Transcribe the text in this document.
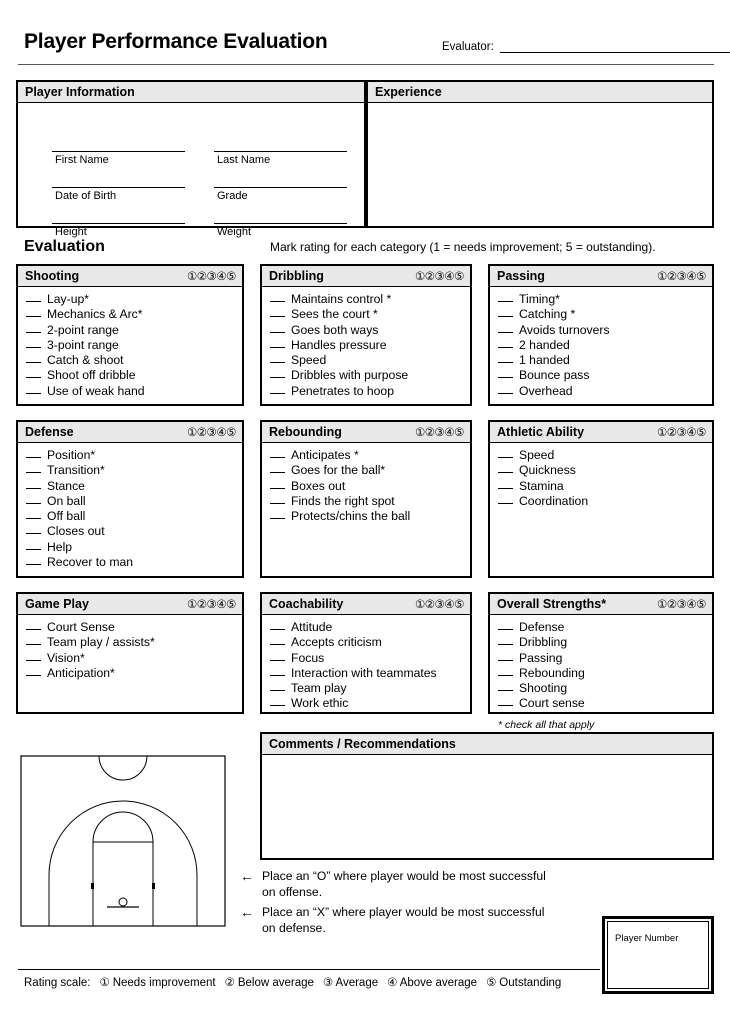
Player Performance Evaluation	Evaluator:
Player Information
First Name	Last Name
Date of Birth	Grade
Height	Weight
Experience
Evaluation	Mark rating for each category (1 = needs improvement; 5 = outstanding).
Shooting	①②③④⑤
Lay-up*
Mechanics & Arc*
2-point range
3-point range
Catch & shoot
Shoot off dribble
Use of weak hand
Dribbling	①②③④⑤
Maintains control *
Sees the court *
Goes both ways
Handles pressure
Speed
Dribbles with purpose
Penetrates to hoop
Passing	①②③④⑤
Timing*
Catching *
Avoids turnovers
2 handed
1 handed
Bounce pass
Overhead
Defense	①②③④⑤
Position*
Transition*
Stance
On ball
Off ball
Closes out
Help
Recover to man
Rebounding	①②③④⑤
Anticipates *
Goes for the ball*
Boxes out
Finds the right spot
Protects/chins the ball
Athletic Ability	①②③④⑤
Speed
Quickness
Stamina
Coordination
Game Play	①②③④⑤
Court Sense
Team play / assists*
Vision*
Anticipation*
Coachability	①②③④⑤
Attitude
Accepts criticism
Focus
Interaction with teammates
Team play
Work ethic
Overall Strengths*	①②③④⑤
Defense
Dribbling
Passing
Rebounding
Shooting
Court sense
* check all that apply
Comments / Recommendations
← Place an “O” where player would be most successful
on offense.
← Place an “X” where player would be most successful
on defense.
Player Number
Rating scale: ① Needs improvement ② Below average ③ Average ④ Above average ⑤ Outstanding
